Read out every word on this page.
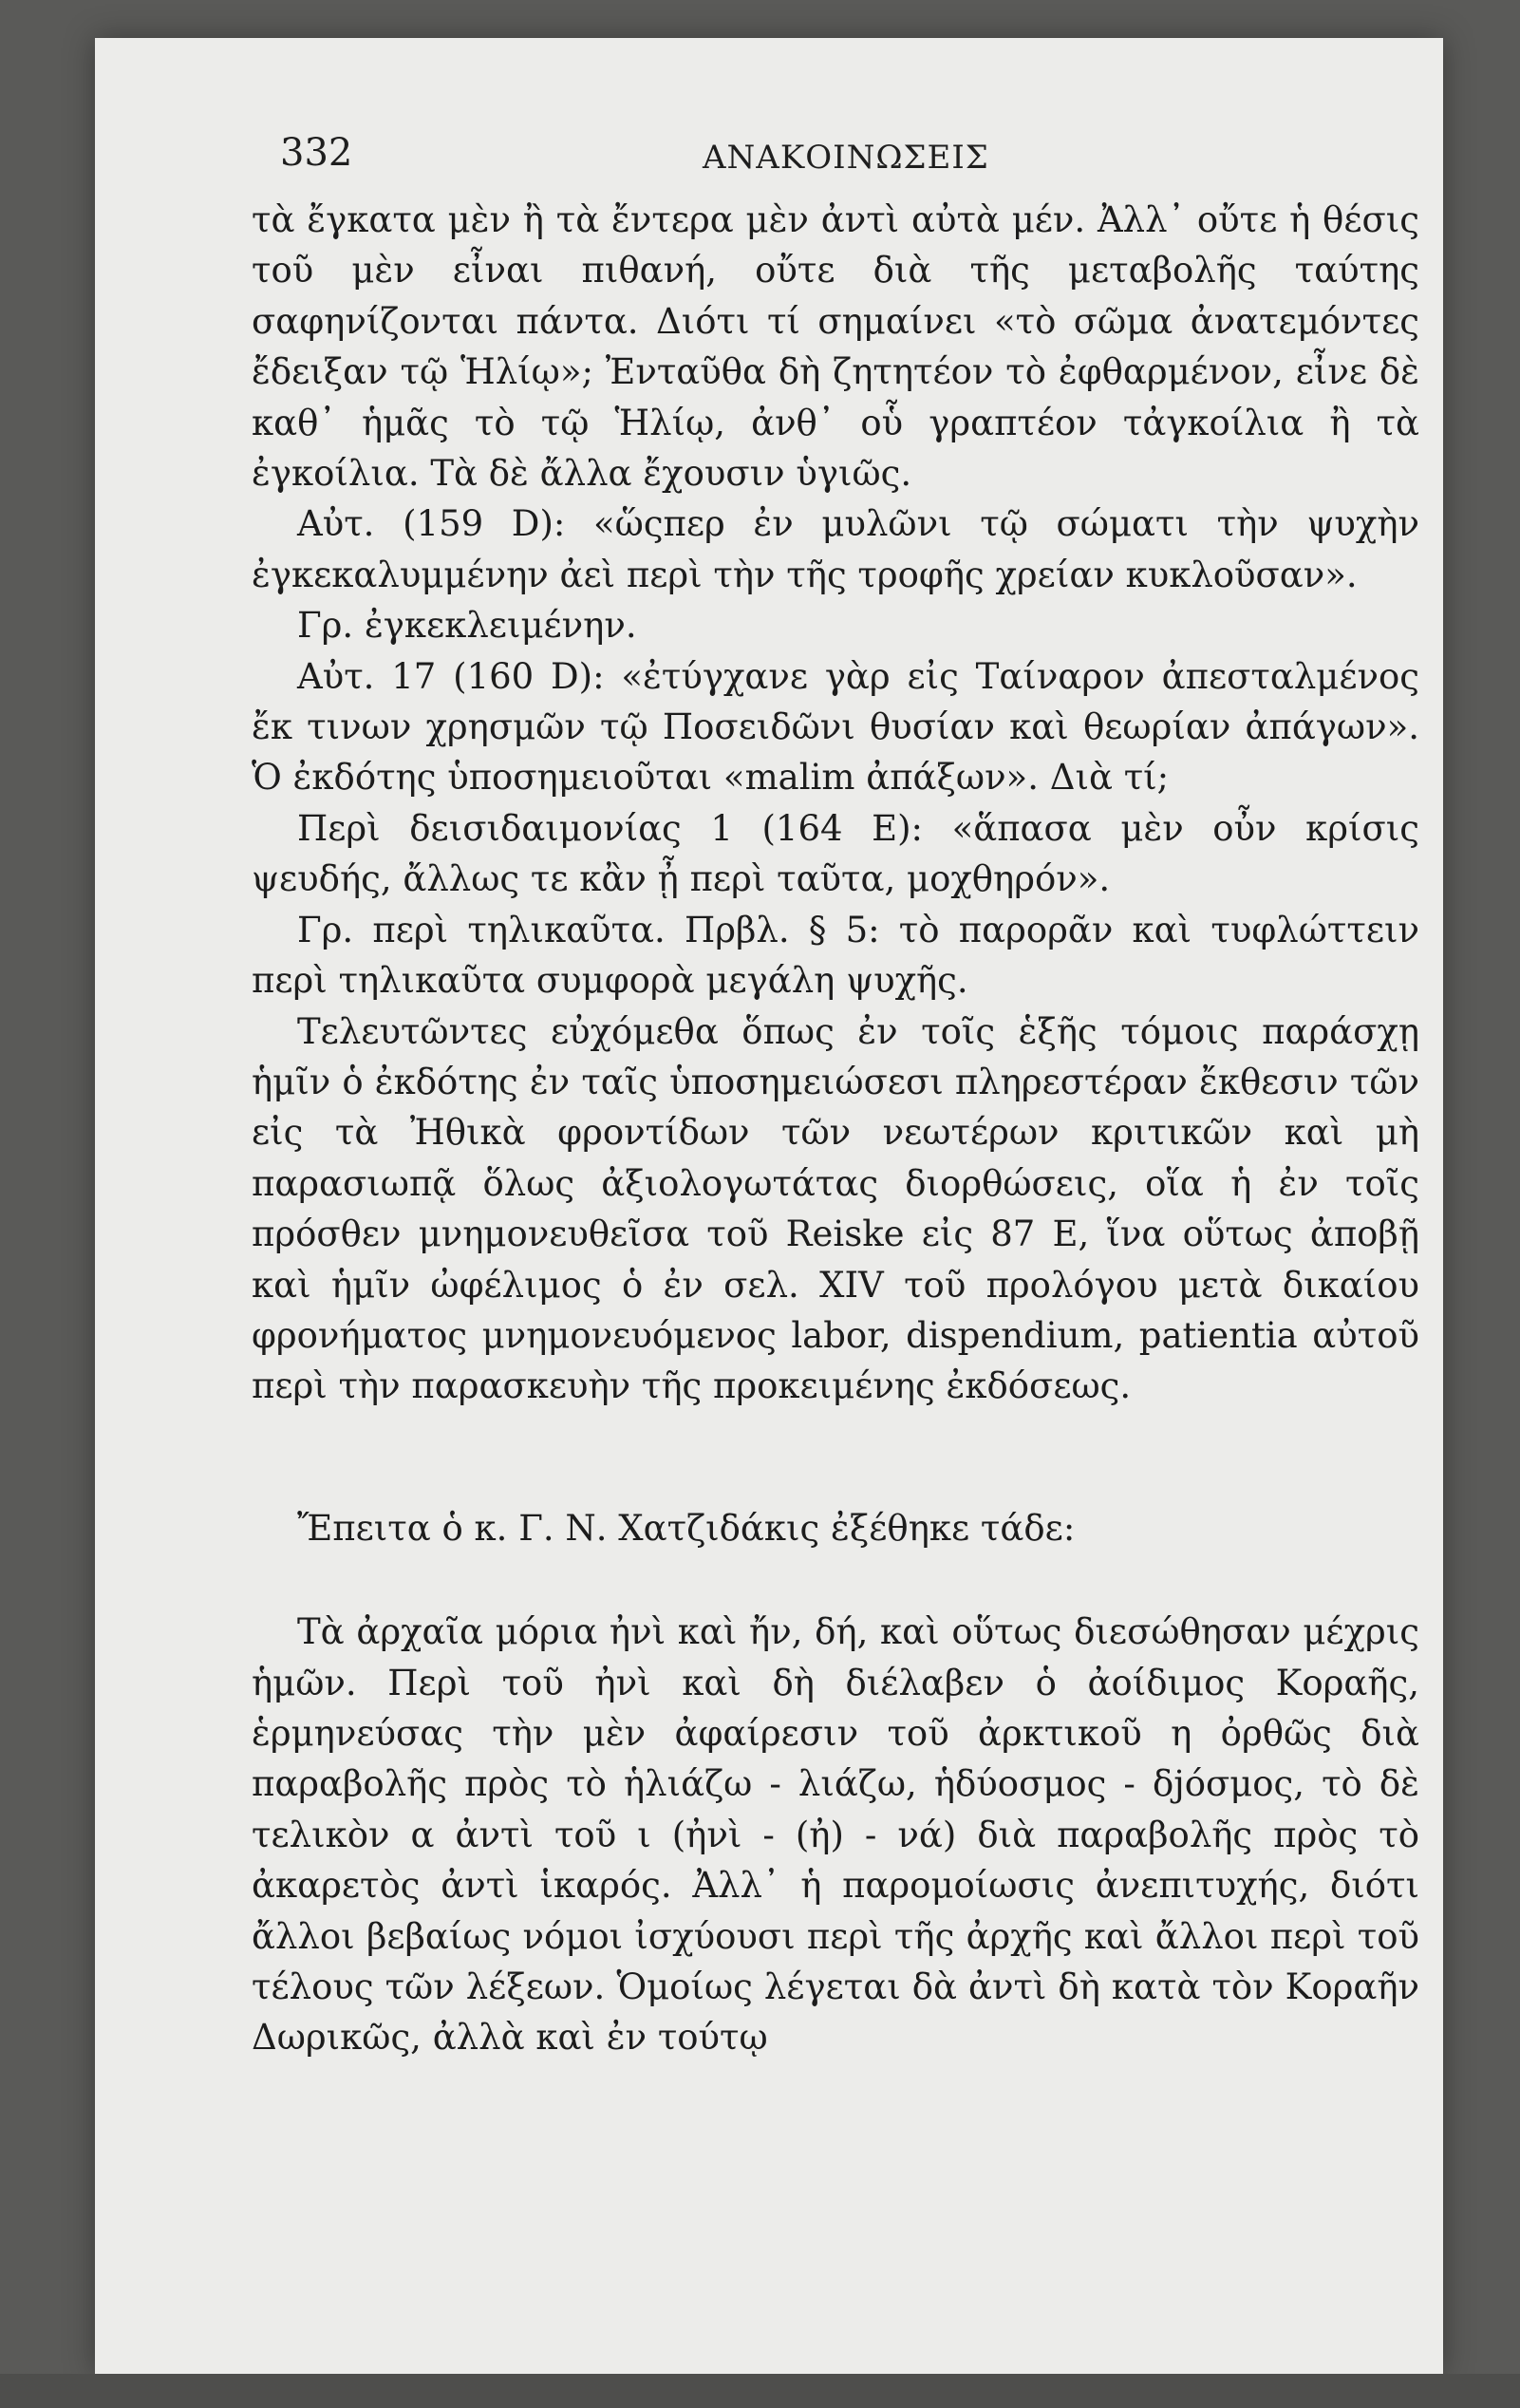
332	ΑΝΑΚΟΙΝΩΣΕΙΣ

τὰ ἔγκατα μὲν ἢ τὰ ἔντερα μὲν ἀντὶ αὐτὰ μέν. Ἀλλ᾿ οὔτε ἡ θέσις τοῦ μὲν εἶναι πιθανή, οὔτε διὰ τῆς μεταβολῆς ταύτης σαφηνίζονται πάντα. Διότι τί σημαίνει «τὸ σῶμα ἀνατεμόντες ἔδειξαν τῷ Ἡλίῳ»; Ἐνταῦθα δὴ ζητητέον τὸ ἐφθαρμένον, εἶνε δὲ καθ᾿ ἡμᾶς τὸ τῷ Ἡλίῳ, ἀνθ᾿ οὗ γραπτέον τἀγκοίλια ἢ τὰ ἐγκοίλια. Τὰ δὲ ἄλλα ἔχουσιν ὑγιῶς.

Αὐτ. (159 D): «ὥςπερ ἐν μυλῶνι τῷ σώματι τὴν ψυχὴν ἐγκεκαλυμμένην ἀεὶ περὶ τὴν τῆς τροφῆς χρείαν κυκλοῦσαν».

Γρ. ἐγκεκλειμένην.

Αὐτ. 17 (160 D): «ἐτύγχανε γὰρ εἰς Ταίναρον ἀπεσταλμένος ἔκ τινων χρησμῶν τῷ Ποσειδῶνι θυσίαν καὶ θεωρίαν ἀπάγων». Ὁ ἐκδότης ὑποσημειοῦται «malim ἀπάξων». Διὰ τί;

Περὶ δεισιδαιμονίας 1 (164 E): «ἅπασα μὲν οὖν κρίσις ψευδής, ἄλλως τε κἂν ᾖ περὶ ταῦτα, μοχθηρόν».

Γρ. περὶ τηλικαῦτα. Πρβλ. § 5: τὸ παρορᾶν καὶ τυφλώττειν περὶ τηλικαῦτα συμφορὰ μεγάλη ψυχῆς.

Τελευτῶντες εὐχόμεθα ὅπως ἐν τοῖς ἑξῆς τόμοις παράσχῃ ἡμῖν ὁ ἐκδότης ἐν ταῖς ὑποσημειώσεσι πληρεστέραν ἔκθεσιν τῶν εἰς τὰ Ἠθικὰ φροντίδων τῶν νεωτέρων κριτικῶν καὶ μὴ παρασιωπᾷ ὅλως ἀξιολογωτάτας διορθώσεις, οἵα ἡ ἐν τοῖς πρόσθεν μνημονευθεῖσα τοῦ Reiske εἰς 87 E, ἵνα οὕτως ἀποβῇ καὶ ἡμῖν ὠφέλιμος ὁ ἐν σελ. XIV τοῦ προλόγου μετὰ δικαίου φρονήματος μνημονευόμενος labor, dispendium, patientia αὐτοῦ περὶ τὴν παρασκευὴν τῆς προκειμένης ἐκδόσεως.

Ἔπειτα ὁ κ. Γ. Ν. Χατζιδάκις ἐξέθηκε τάδε:

Τὰ ἀρχαῖα μόρια ἠνὶ καὶ ἤν, δή, καὶ οὕτως διεσώθησαν μέχρις ἡμῶν. Περὶ τοῦ ἠνὶ καὶ δὴ διέλαβεν ὁ ἀοίδιμος Κοραῆς, ἑρμηνεύσας τὴν μὲν ἀφαίρεσιν τοῦ ἀρκτικοῦ η ὀρθῶς διὰ παραβολῆς πρὸς τὸ ἡλιάζω - λιάζω, ἡδύοσμος - δjόσμος, τὸ δὲ τελικὸν α ἀντὶ τοῦ ι (ἠνὶ - (ἠ) - νά) διὰ παραβολῆς πρὸς τὸ ἀκαρετὸς ἀντὶ ἱκαρός. Ἀλλ᾿ ἡ παρομοίωσις ἀνεπιτυχής, διότι ἄλλοι βεβαίως νόμοι ἰσχύουσι περὶ τῆς ἀρχῆς καὶ ἄλλοι περὶ τοῦ τέλους τῶν λέξεων. Ὁμοίως λέγεται δὰ ἀντὶ δὴ κατὰ τὸν Κοραῆν Δωρικῶς, ἀλλὰ καὶ ἐν τούτῳ
